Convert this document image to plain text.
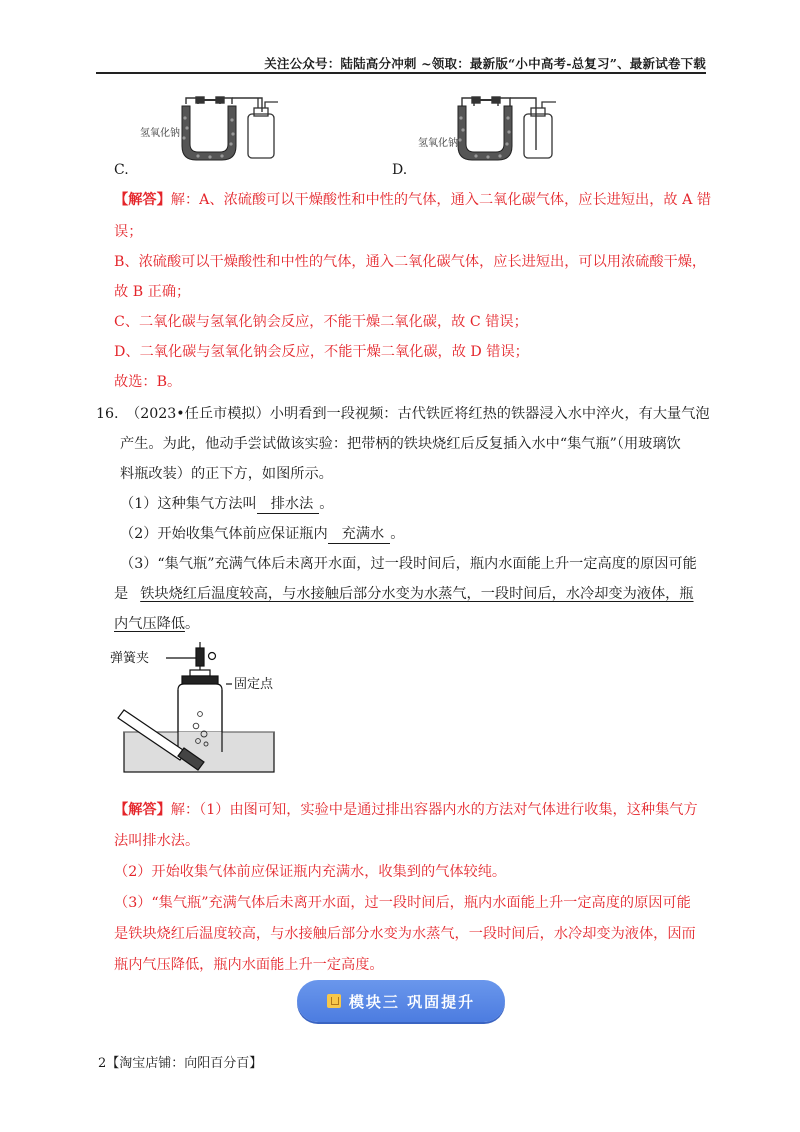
关注公众号：陆陆高分冲刺 ~领取：最新版“小中高考-总复习”、最新试卷下载
氢氧化钠
C.
氢氧化钠
D.
【解答】解：A、浓硫酸可以干燥酸性和中性的气体，通入二氧化碳气体，应长进短出，故 A 错
误；
B、浓硫酸可以干燥酸性和中性的气体，通入二氧化碳气体，应长进短出，可以用浓硫酸干燥，
故 B 正确；
C、二氧化碳与氢氧化钠会反应，不能干燥二氧化碳，故 C 错误；
D、二氧化碳与氢氧化钠会反应，不能干燥二氧化碳，故 D 错误；
故选：B。
16. （2023•任丘市模拟）小明看到一段视频：古代铁匠将红热的铁器浸入水中淬火，有大量气泡
产生。为此，他动手尝试做该实验：把带柄的铁块烧红后反复插入水中“集气瓶”（用玻璃饮
料瓶改装）的正下方，如图所示。
（1）这种集气方法叫 排水法 。
（2）开始收集气体前应保证瓶内 充满水 。
（3）“集气瓶”充满气体后未离开水面，过一段时间后，瓶内水面能上升一定高度的原因可能
是 铁块烧红后温度较高，与水接触后部分水变为水蒸气，一段时间后，水冷却变为液体，瓶
内气压降低。
弹簧夹
固定点
【解答】解：（1）由图可知，实验中是通过排出容器内水的方法对气体进行收集，这种集气方
法叫排水法。
（2）开始收集气体前应保证瓶内充满水，收集到的气体较纯。
（3）“集气瓶”充满气体后未离开水面，过一段时间后，瓶内水面能上升一定高度的原因可能
是铁块烧红后温度较高，与水接触后部分水变为水蒸气，一段时间后，水冷却变为液体，因而
瓶内气压降低，瓶内水面能上升一定高度。
模块三 巩固提升
2【淘宝店铺：向阳百分百】
